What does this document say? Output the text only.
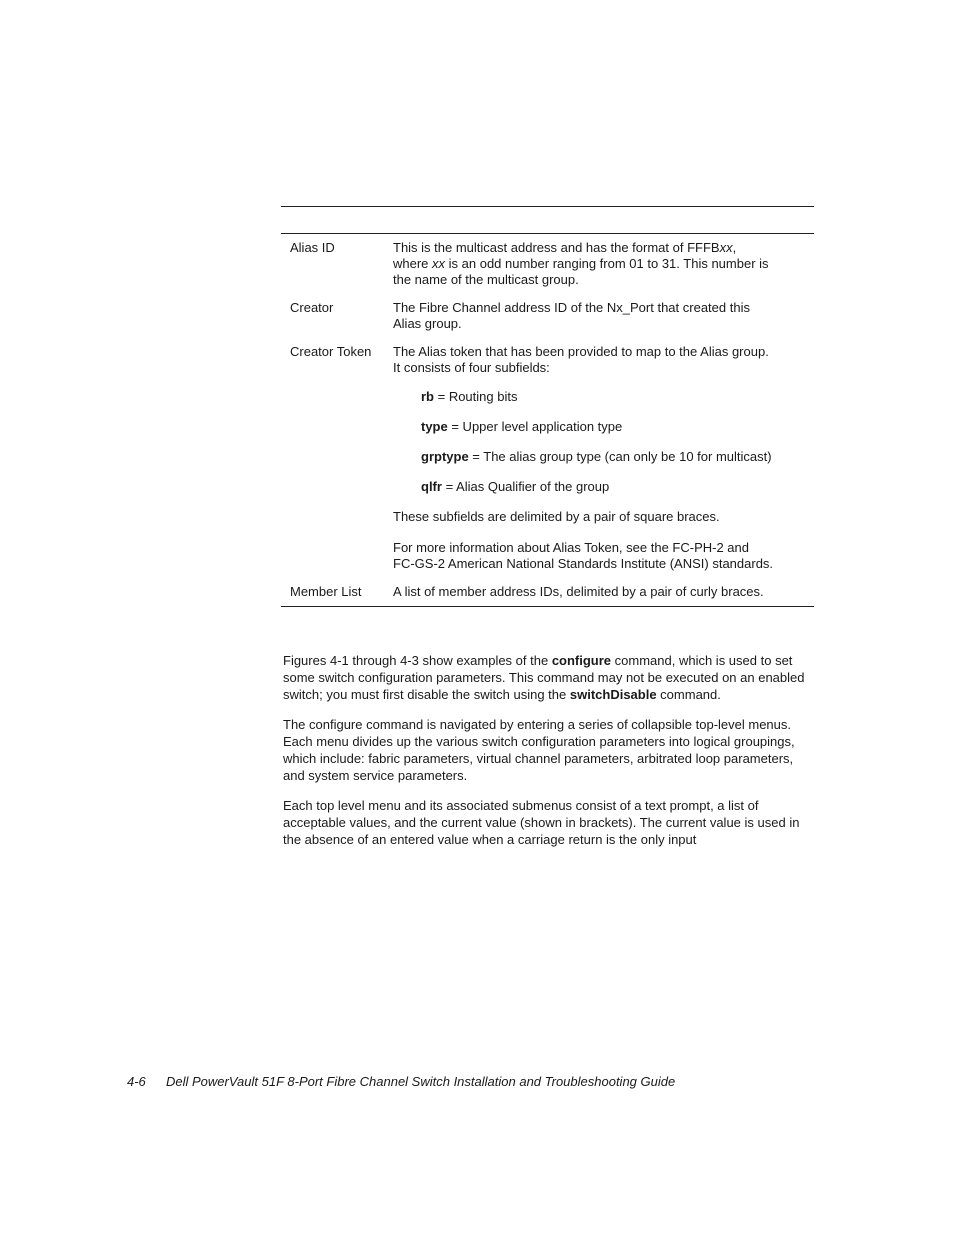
Alias ID	This is the multicast address and has the format of FFFBxx,

where xx is an odd number ranging from 01 to 31. This number is

the name of the multicast group.

Creator	The Fibre Channel address ID of the Nx_Port that created this

Alias group.

Creator Token	The Alias token that has been provided to map to the Alias group.

It consists of four subfields:

rb = Routing bits

type = Upper level application type

grptype = The alias group type (can only be 10 for multicast)

qlfr = Alias Qualifier of the group

These subfields are delimited by a pair of square braces.

For more information about Alias Token, see the FC-PH-2 and

FC-GS-2 American National Standards Institute (ANSI) standards.

Member List	A list of member address IDs, delimited by a pair of curly braces.

Figures 4-1 through 4-3 show examples of the configure command, which is used to set some switch configuration parameters. This command may not be executed on an enabled switch; you must first disable the switch using the switchDisable command.

The configure command is navigated by entering a series of collapsible top-level menus. Each menu divides up the various switch configuration parameters into logical groupings, which include: fabric parameters, virtual channel parameters, arbitrated loop parameters, and system service parameters.

Each top level menu and its associated submenus consist of a text prompt, a list of acceptable values, and the current value (shown in brackets). The current value is used in the absence of an entered value when a carriage return is the only input

4-6 Dell PowerVault 51F 8-Port Fibre Channel Switch Installation and Troubleshooting Guide
